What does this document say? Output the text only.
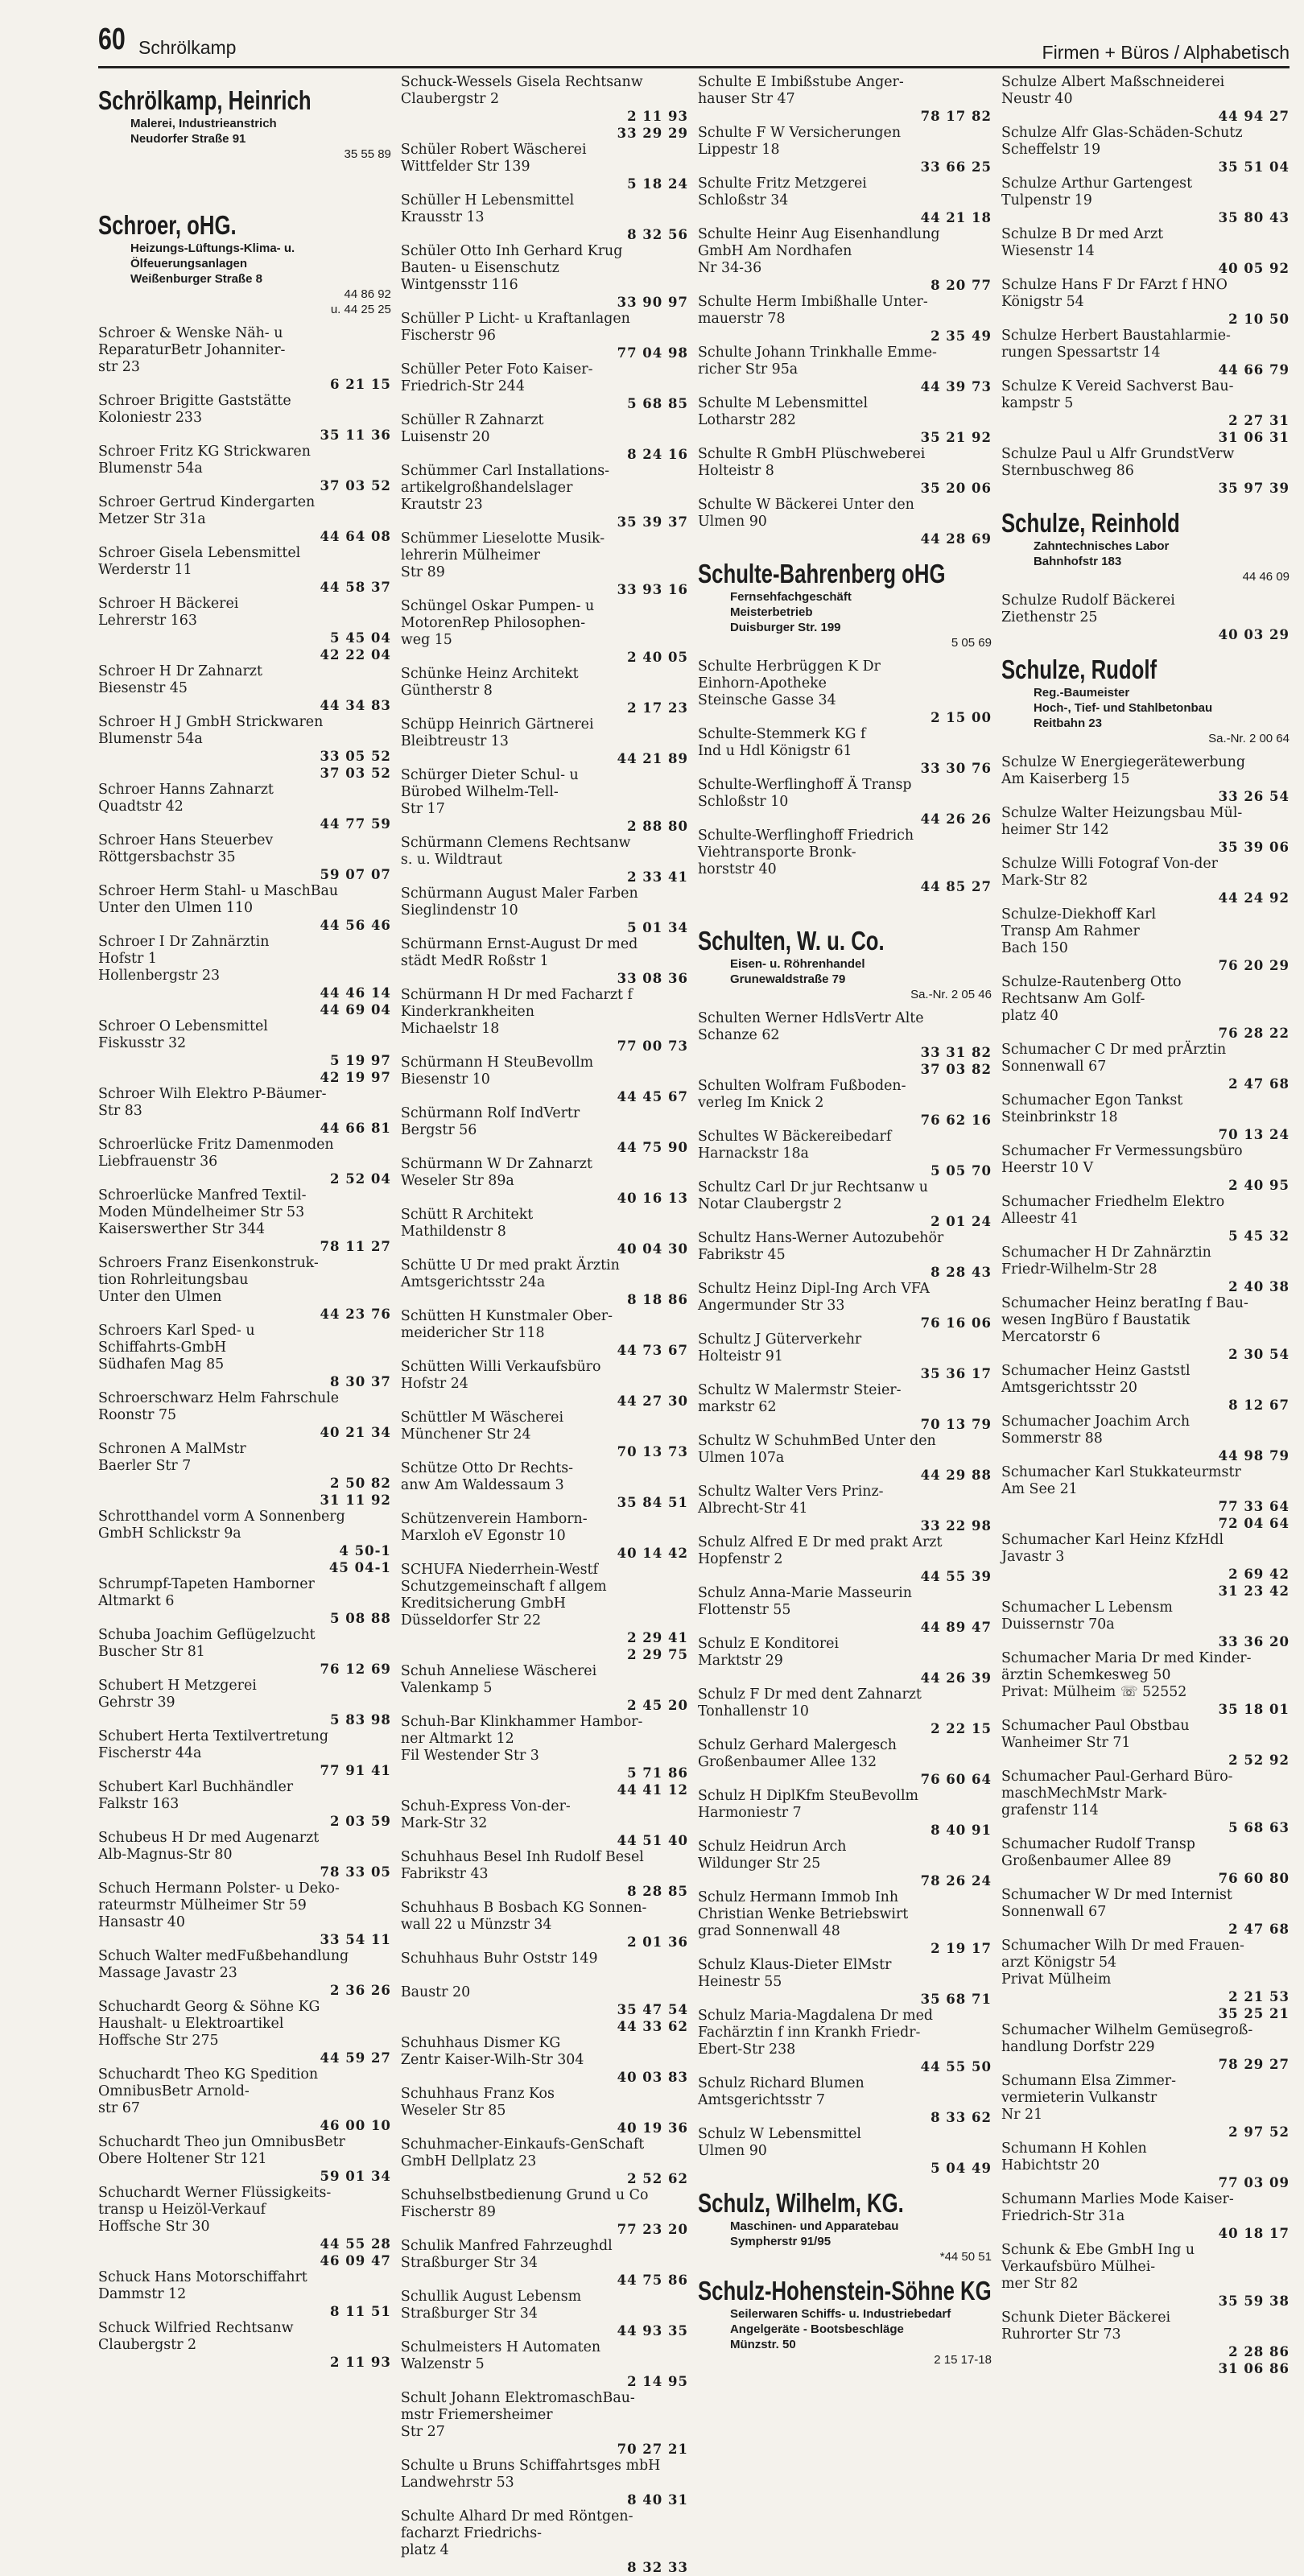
60 Schrölkamp	Firmen + Büros / Alphabetisch
Schrölkamp, Heinrich
Malerei, Industrieanstrich
Neudorfer Straße 91
35 55 89
Schroer, oHG.
Heizungs-Lüftungs-Klima- u.
Ölfeuerungsanlagen
Weißenburger Straße 8
44 86 92
u. 44 25 25
Schroer & Wenske Näh- u
ReparaturBetr Johanniter-
str 23
6 21 15
Schroer Brigitte Gaststätte
Koloniestr 233
35 11 36
Schroer Fritz KG Strickwaren
Blumenstr 54a
37 03 52
Schroer Gertrud Kindergarten
Metzer Str 31a
44 64 08
Schroer Gisela Lebensmittel
Werderstr 11
44 58 37
Schroer H Bäckerei
Lehrerstr 163
5 45 04
42 22 04
Schroer H Dr Zahnarzt
Biesenstr 45
44 34 83
Schroer H J GmbH Strickwaren
Blumenstr 54a
33 05 52
37 03 52
Schroer Hanns Zahnarzt
Quadtstr 42
44 77 59
Schroer Hans Steuerbev
Röttgersbachstr 35
59 07 07
Schroer Herm Stahl- u MaschBau
Unter den Ulmen 110
44 56 46
Schroer I Dr Zahnärztin
Hofstr 1
Hollenbergstr 23
44 46 14
44 69 04
Schroer O Lebensmittel
Fiskusstr 32
5 19 97
42 19 97
Schroer Wilh Elektro P-Bäumer-
Str 83
44 66 81
Schroerlücke Fritz Damenmoden
Liebfrauenstr 36
2 52 04
Schroerlücke Manfred Textil-
Moden Mündelheimer Str 53
Kaiserswerther Str 344
78 11 27
Schroers Franz Eisenkonstruk-
tion Rohrleitungsbau
Unter den Ulmen
44 23 76
Schroers Karl Sped- u
Schiffahrts-GmbH
Südhafen Mag 85
8 30 37
Schroerschwarz Helm Fahrschule
Roonstr 75
40 21 34
Schronen A MalMstr
Baerler Str 7
2 50 82
31 11 92
Schrotthandel vorm A Sonnenberg
GmbH Schlickstr 9a
4 50-1
45 04-1
Schrumpf-Tapeten Hamborner
Altmarkt 6
5 08 88
Schuba Joachim Geflügelzucht
Buscher Str 81
76 12 69
Schubert H Metzgerei
Gehrstr 39
5 83 98
Schubert Herta Textilvertretung
Fischerstr 44a
77 91 41
Schubert Karl Buchhändler
Falkstr 163
2 03 59
Schubeus H Dr med Augenarzt
Alb-Magnus-Str 80
78 33 05
Schuch Hermann Polster- u Deko-
rateurmstr Mülheimer Str 59
Hansastr 40
33 54 11
Schuch Walter medFußbehandlung
Massage Javastr 23
2 36 26
Schuchardt Georg & Söhne KG
Haushalt- u Elektroartikel
Hoffsche Str 275
44 59 27
Schuchardt Theo KG Spedition
OmnibusBetr Arnold-
str 67
46 00 10
Schuchardt Theo jun OmnibusBetr
Obere Holtener Str 121
59 01 34
Schuchardt Werner Flüssigkeits-
transp u Heizöl-Verkauf
Hoffsche Str 30
44 55 28
46 09 47
Schuck Hans Motorschiffahrt
Dammstr 12
8 11 51
Schuck Wilfried Rechtsanw
Claubergstr 2
2 11 93
Schuck-Wessels Gisela Rechtsanw
Claubergstr 2
2 11 93
33 29 29
Schüler Robert Wäscherei
Wittfelder Str 139
5 18 24
Schüller H Lebensmittel
Krausstr 13
8 32 56
Schüler Otto Inh Gerhard Krug
Bauten- u Eisenschutz
Wintgensstr 116
33 90 97
Schüller P Licht- u Kraftanlagen
Fischerstr 96
77 04 98
Schüller Peter Foto Kaiser-
Friedrich-Str 244
5 68 85
Schüller R Zahnarzt
Luisenstr 20
8 24 16
Schümmer Carl Installations-
artikelgroßhandelslager
Krautstr 23
35 39 37
Schümmer Lieselotte Musik-
lehrerin Mülheimer
Str 89
33 93 16
Schüngel Oskar Pumpen- u
MotorenRep Philosophen-
weg 15
2 40 05
Schünke Heinz Architekt
Güntherstr 8
2 17 23
Schüpp Heinrich Gärtnerei
Bleibtreustr 13
44 21 89
Schürger Dieter Schul- u
Bürobed Wilhelm-Tell-
Str 17
2 88 80
Schürmann Clemens Rechtsanw
s. u. Wildtraut
2 33 41
Schürmann August Maler Farben
Sieglindenstr 10
5 01 34
Schürmann Ernst-August Dr med
städt MedR Roßstr 1
33 08 36
Schürmann H Dr med Facharzt f
Kinderkrankheiten
Michaelstr 18
77 00 73
Schürmann H SteuBevollm
Biesenstr 10
44 45 67
Schürmann Rolf IndVertr
Bergstr 56
44 75 90
Schürmann W Dr Zahnarzt
Weseler Str 89a
40 16 13
Schütt R Architekt
Mathildenstr 8
40 04 30
Schütte U Dr med prakt Ärztin
Amtsgerichtsstr 24a
8 18 86
Schütten H Kunstmaler Ober-
meidericher Str 118
44 73 67
Schütten Willi Verkaufsbüro
Hofstr 24
44 27 30
Schüttler M Wäscherei
Münchener Str 24
70 13 73
Schütze Otto Dr Rechts-
anw Am Waldessaum 3
35 84 51
Schützenverein Hamborn-
Marxloh eV Egonstr 10
40 14 42
SCHUFA Niederrhein-Westf
Schutzgemeinschaft f allgem
Kreditsicherung GmbH
Düsseldorfer Str 22
2 29 41
2 29 75
Schuh Anneliese Wäscherei
Valenkamp 5
2 45 20
Schuh-Bar Klinkhammer Hambor-
ner Altmarkt 12
Fil Westender Str 3
5 71 86
44 41 12
Schuh-Express Von-der-
Mark-Str 32
44 51 40
Schuhhaus Besel Inh Rudolf Besel
Fabrikstr 43
8 28 85
Schuhhaus B Bosbach KG Sonnen-
wall 22 u Münzstr 34
2 01 36
Schuhhaus Buhr Oststr 149

Baustr 20
35 47 54
44 33 62
Schuhhaus Dismer KG
Zentr Kaiser-Wilh-Str 304
40 03 83
Schuhhaus Franz Kos
Weseler Str 85
40 19 36
Schuhmacher-Einkaufs-GenSchaft
GmbH Dellplatz 23
2 52 62
Schuhselbstbedienung Grund u Co
Fischerstr 89
77 23 20
Schulik Manfred Fahrzeughdl
Straßburger Str 34
44 75 86
Schullik August Lebensm
Straßburger Str 34
44 93 35
Schulmeisters H Automaten
Walzenstr 5
2 14 95
Schult Johann ElektromaschBau-
mstr Friemersheimer
Str 27
70 27 21
Schulte u Bruns Schiffahrtsges mbH
Landwehrstr 53
8 40 31
Schulte Alhard Dr med Röntgen-
facharzt Friedrichs-
platz 4
8 32 33
Schulte E Imbißstube Anger-
hauser Str 47
78 17 82
Schulte F W Versicherungen
Lippestr 18
33 66 25
Schulte Fritz Metzgerei
Schloßstr 34
44 21 18
Schulte Heinr Aug Eisenhandlung
GmbH Am Nordhafen
Nr 34-36
8 20 77
Schulte Herm Imbißhalle Unter-
mauerstr 78
2 35 49
Schulte Johann Trinkhalle Emme-
richer Str 95a
44 39 73
Schulte M Lebensmittel
Lotharstr 282
35 21 92
Schulte R GmbH Plüschweberei
Holteistr 8
35 20 06
Schulte W Bäckerei Unter den
Ulmen 90
44 28 69
Schulte-Bahrenberg oHG
Fernsehfachgeschäft
Meisterbetrieb
Duisburger Str. 199
5 05 69
Schulte Herbrüggen K Dr
Einhorn-Apotheke
Steinsche Gasse 34
2 15 00
Schulte-Stemmerk KG f
Ind u Hdl Königstr 61
33 30 76
Schulte-Werflinghoff Ä Transp
Schloßstr 10
44 26 26
Schulte-Werflinghoff Friedrich
Viehtransporte Bronk-
horststr 40
44 85 27
Schulten, W. u. Co.
Eisen- u. Röhrenhandel
Grunewaldstraße 79
Sa.-Nr. 2 05 46
Schulten Werner HdlsVertr Alte
Schanze 62
33 31 82
37 03 82
Schulten Wolfram Fußboden-
verleg Im Knick 2
76 62 16
Schultes W Bäckereibedarf
Harnackstr 18a
5 05 70
Schultz Carl Dr jur Rechtsanw u
Notar Claubergstr 2
2 01 24
Schultz Hans-Werner Autozubehör
Fabrikstr 45
8 28 43
Schultz Heinz Dipl-Ing Arch VFA
Angermunder Str 33
76 16 06
Schultz J Güterverkehr
Holteistr 91
35 36 17
Schultz W Malermstr Steier-
markstr 62
70 13 79
Schultz W SchuhmBed Unter den
Ulmen 107a
44 29 88
Schultz Walter Vers Prinz-
Albrecht-Str 41
33 22 98
Schulz Alfred E Dr med prakt Arzt
Hopfenstr 2
44 55 39
Schulz Anna-Marie Masseurin
Flottenstr 55
44 89 47
Schulz E Konditorei
Marktstr 29
44 26 39
Schulz F Dr med dent Zahnarzt
Tonhallenstr 10
2 22 15
Schulz Gerhard Malergesch
Großenbaumer Allee 132
76 60 64
Schulz H DiplKfm SteuBevollm
Harmoniestr 7
8 40 91
Schulz Heidrun Arch
Wildunger Str 25
78 26 24
Schulz Hermann Immob Inh
Christian Wenke Betriebswirt
grad Sonnenwall 48
2 19 17
Schulz Klaus-Dieter ElMstr
Heinestr 55
35 68 71
Schulz Maria-Magdalena Dr med
Fachärztin f inn Krankh Friedr-
Ebert-Str 238
44 55 50
Schulz Richard Blumen
Amtsgerichtsstr 7
8 33 62
Schulz W Lebensmittel
Ulmen 90
5 04 49
Schulz, Wilhelm, KG.
Maschinen- und Apparatebau
Sympherstr 91/95
*44 50 51
Schulz-Hohenstein-Söhne KG
Seilerwaren Schiffs- u. Industriebedarf
Angelgeräte - Bootsbeschläge
Münzstr. 50
2 15 17-18
Schulze Albert Maßschneiderei
Neustr 40
44 94 27
Schulze Alfr Glas-Schäden-Schutz
Scheffelstr 19
35 51 04
Schulze Arthur Gartengest
Tulpenstr 19
35 80 43
Schulze B Dr med Arzt
Wiesenstr 14
40 05 92
Schulze Hans F Dr FArzt f HNO
Königstr 54
2 10 50
Schulze Herbert Baustahlarmie-
rungen Spessartstr 14
44 66 79
Schulze K Vereid Sachverst Bau-
kampstr 5
2 27 31
31 06 31
Schulze Paul u Alfr GrundstVerw
Sternbuschweg 86
35 97 39
Schulze, Reinhold
Zahntechnisches Labor
Bahnhofstr 183
44 46 09
Schulze Rudolf Bäckerei
Ziethenstr 25
40 03 29
Schulze, Rudolf
Reg.-Baumeister
Hoch-, Tief- und Stahlbetonbau
Reitbahn 23
Sa.-Nr. 2 00 64
Schulze W Energiegerätewerbung
Am Kaiserberg 15
33 26 54
Schulze Walter Heizungsbau Mül-
heimer Str 142
35 39 06
Schulze Willi Fotograf Von-der
Mark-Str 82
44 24 92
Schulze-Diekhoff Karl
Transp Am Rahmer
Bach 150
76 20 29
Schulze-Rautenberg Otto
Rechtsanw Am Golf-
platz 40
76 28 22
Schumacher C Dr med prÄrztin
Sonnenwall 67
2 47 68
Schumacher Egon Tankst
Steinbrinkstr 18
70 13 24
Schumacher Fr Vermessungsbüro
Heerstr 10 V
2 40 95
Schumacher Friedhelm Elektro
Alleestr 41
5 45 32
Schumacher H Dr Zahnärztin
Friedr-Wilhelm-Str 28
2 40 38
Schumacher Heinz beratIng f Bau-
wesen IngBüro f Baustatik
Mercatorstr 6
2 30 54
Schumacher Heinz Gaststl
Amtsgerichtsstr 20
8 12 67
Schumacher Joachim Arch
Sommerstr 88
44 98 79
Schumacher Karl Stukkateurmstr
Am See 21
77 33 64
72 04 64
Schumacher Karl Heinz KfzHdl
Javastr 3
2 69 42
31 23 42
Schumacher L Lebensm
Duissernstr 70a
33 36 20
Schumacher Maria Dr med Kinder-
ärztin Schemkesweg 50
Privat: Mülheim ☏ 52552
35 18 01
Schumacher Paul Obstbau
Wanheimer Str 71
2 52 92
Schumacher Paul-Gerhard Büro-
maschMechMstr Mark-
grafenstr 114
5 68 63
Schumacher Rudolf Transp
Großenbaumer Allee 89
76 60 80
Schumacher W Dr med Internist
Sonnenwall 67
2 47 68
Schumacher Wilh Dr med Frauen-
arzt Königstr 54
Privat Mülheim
2 21 53
35 25 21
Schumacher Wilhelm Gemüsegroß-
handlung Dorfstr 229
78 29 27
Schumann Elsa Zimmer-
vermieterin Vulkanstr
Nr 21
2 97 52
Schumann H Kohlen
Habichtstr 20
77 03 09
Schumann Marlies Mode Kaiser-
Friedrich-Str 31a
40 18 17
Schunk & Ebe GmbH Ing u
Verkaufsbüro Mülhei-
mer Str 82
35 59 38
Schunk Dieter Bäckerei
Ruhrorter Str 73
2 28 86
31 06 86
